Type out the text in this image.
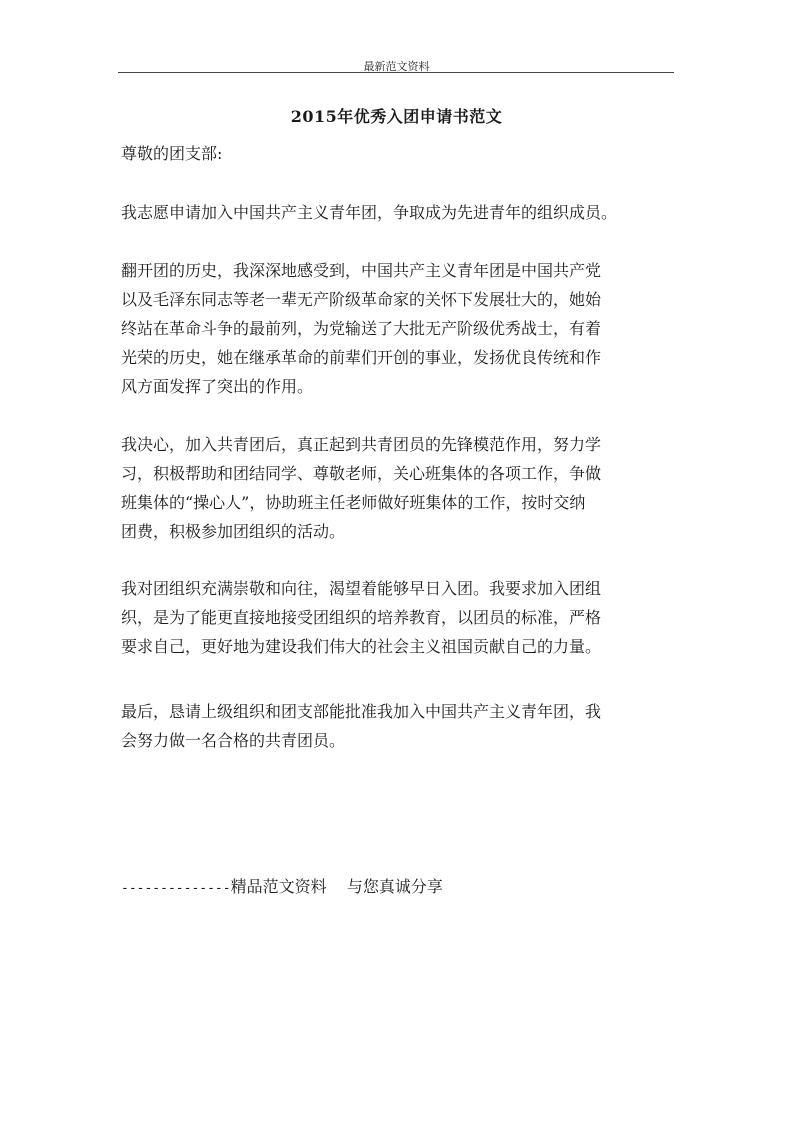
最新范文资料
2015年优秀入团申请书范文
尊敬的团支部:

我志愿申请加入中国共产主义青年团，争取成为先进青年的组织成员。

翻开团的历史，我深深地感受到，中国共产主义青年团是中国共产党
以及毛泽东同志等老一辈无产阶级革命家的关怀下发展壮大的，她始
终站在革命斗争的最前列，为党输送了大批无产阶级优秀战士，有着
光荣的历史，她在继承革命的前辈们开创的事业，发扬优良传统和作
风方面发挥了突出的作用。

我决心，加入共青团后，真正起到共青团员的先锋模范作用，努力学
习，积极帮助和团结同学、尊敬老师，关心班集体的各项工作，争做
班集体的“操心人”，协助班主任老师做好班集体的工作，按时交纳
团费，积极参加团组织的活动。

我对团组织充满崇敬和向往，渴望着能够早日入团。我要求加入团组
织，是为了能更直接地接受团组织的培养教育，以团员的标准，严格
要求自己，更好地为建设我们伟大的社会主义祖国贡献自己的力量。

最后，恳请上级组织和团支部能批准我加入中国共产主义青年团，我
会努力做一名合格的共青团员。

--------------精品范文资料    与您真诚分享
